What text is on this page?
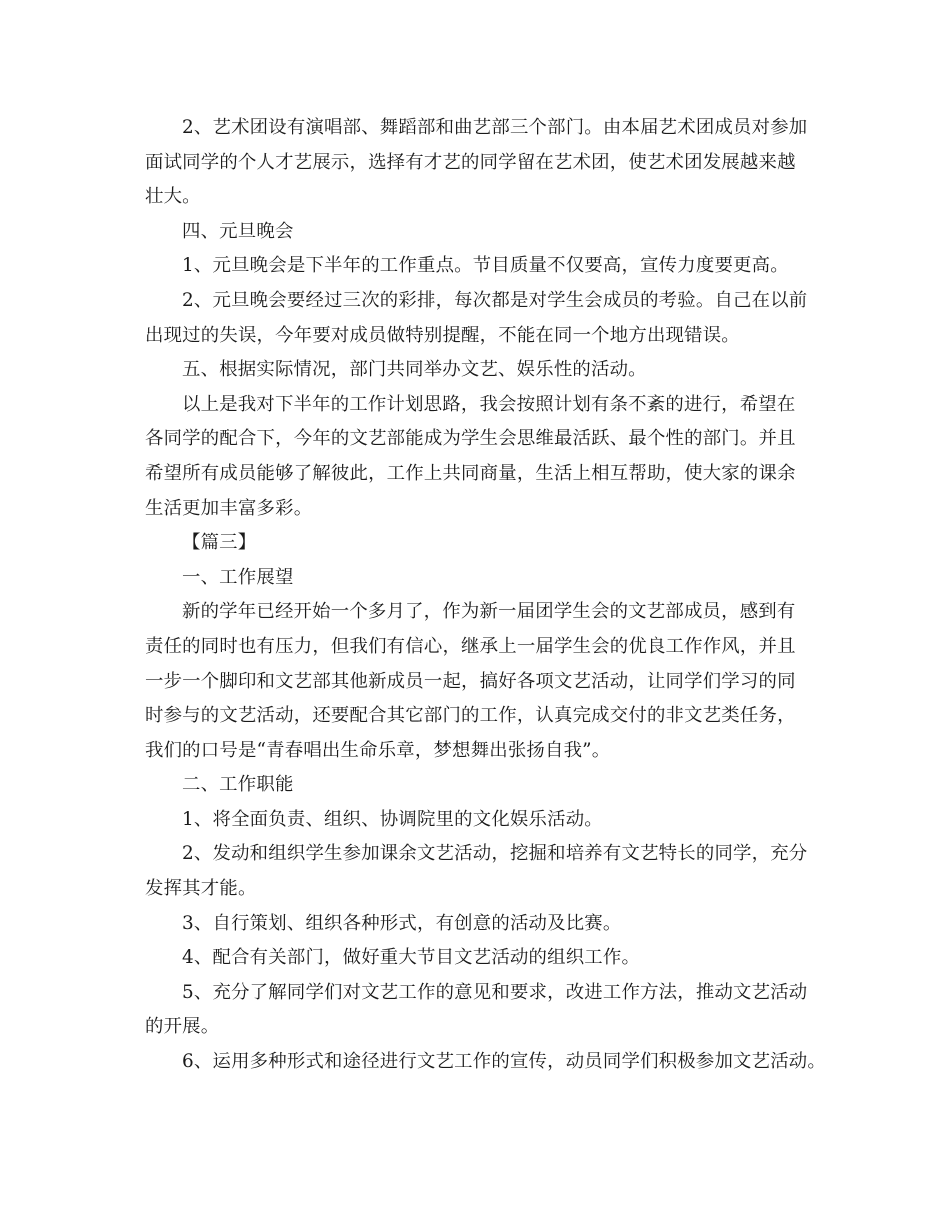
2、艺术团设有演唱部、舞蹈部和曲艺部三个部门。由本届艺术团成员对参加
面试同学的个人才艺展示，选择有才艺的同学留在艺术团，使艺术团发展越来越
壮大。
四、元旦晚会
1、元旦晚会是下半年的工作重点。节目质量不仅要高，宣传力度要更高。
2、元旦晚会要经过三次的彩排，每次都是对学生会成员的考验。自己在以前
出现过的失误，今年要对成员做特别提醒，不能在同一个地方出现错误。
五、根据实际情况，部门共同举办文艺、娱乐性的活动。
以上是我对下半年的工作计划思路，我会按照计划有条不紊的进行，希望在
各同学的配合下，今年的文艺部能成为学生会思维最活跃、最个性的部门。并且
希望所有成员能够了解彼此，工作上共同商量，生活上相互帮助，使大家的课余
生活更加丰富多彩。
【篇三】
一、工作展望
新的学年已经开始一个多月了，作为新一届团学生会的文艺部成员，感到有
责任的同时也有压力，但我们有信心，继承上一届学生会的优良工作作风，并且
一步一个脚印和文艺部其他新成员一起，搞好各项文艺活动，让同学们学习的同
时参与的文艺活动，还要配合其它部门的工作，认真完成交付的非文艺类任务，
我们的口号是“青春唱出生命乐章，梦想舞出张扬自我”。
二、工作职能
1、将全面负责、组织、协调院里的文化娱乐活动。
2、发动和组织学生参加课余文艺活动，挖掘和培养有文艺特长的同学，充分
发挥其才能。
3、自行策划、组织各种形式，有创意的活动及比赛。
4、配合有关部门，做好重大节目文艺活动的组织工作。
5、充分了解同学们对文艺工作的意见和要求，改进工作方法，推动文艺活动
的开展。
6、运用多种形式和途径进行文艺工作的宣传，动员同学们积极参加文艺活动。
